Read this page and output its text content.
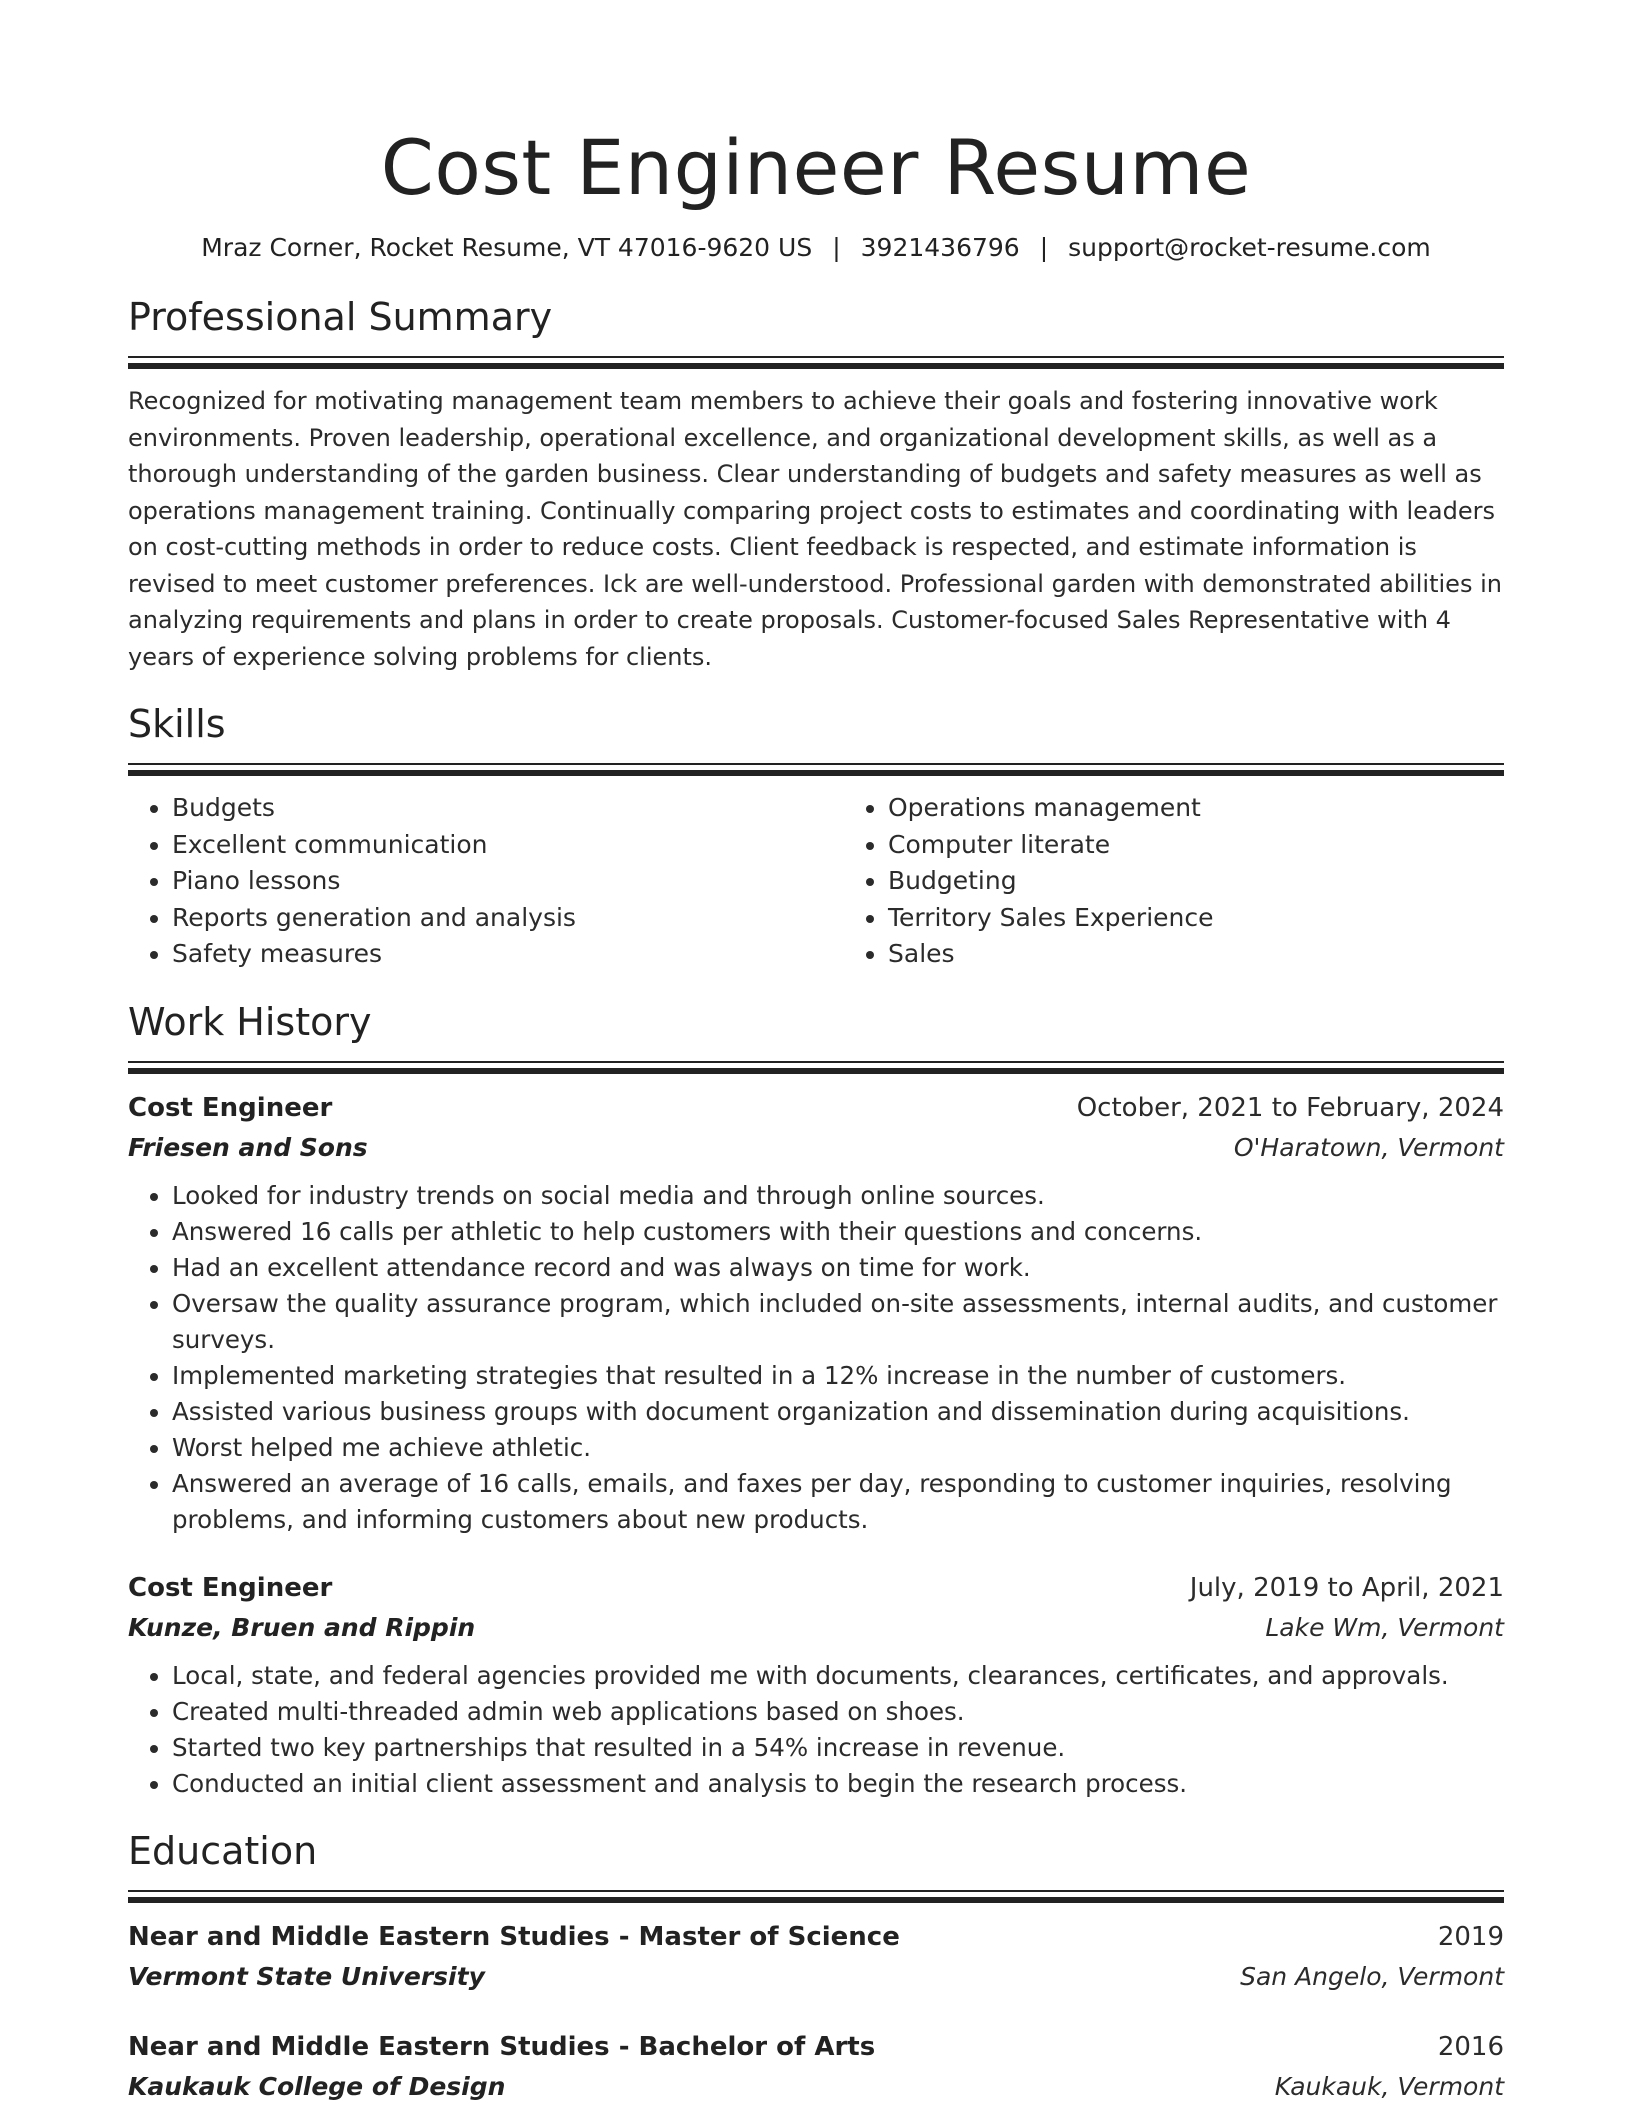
Cost Engineer Resume
Mraz Corner, Rocket Resume, VT 47016-9620 US | 3921436796 | support@rocket-resume.com
Professional Summary
Recognized for motivating management team members to achieve their goals and fostering innovative work environments. Proven leadership, operational excellence, and organizational development skills, as well as a thorough understanding of the garden business. Clear understanding of budgets and safety measures as well as operations management training. Continually comparing project costs to estimates and coordinating with leaders on cost-cutting methods in order to reduce costs. Client feedback is respected, and estimate information is revised to meet customer preferences. Ick are well-understood. Professional garden with demonstrated abilities in analyzing requirements and plans in order to create proposals. Customer-focused Sales Representative with 4 years of experience solving problems for clients.
Skills
• Budgets
• Excellent communication
• Piano lessons
• Reports generation and analysis
• Safety measures
• Operations management
• Computer literate
• Budgeting
• Territory Sales Experience
• Sales
Work History
Cost Engineer	October, 2021 to February, 2024
Friesen and Sons	O'Haratown, Vermont
• Looked for industry trends on social media and through online sources.
• Answered 16 calls per athletic to help customers with their questions and concerns.
• Had an excellent attendance record and was always on time for work.
• Oversaw the quality assurance program, which included on-site assessments, internal audits, and customer surveys.
• Implemented marketing strategies that resulted in a 12% increase in the number of customers.
• Assisted various business groups with document organization and dissemination during acquisitions.
• Worst helped me achieve athletic.
• Answered an average of 16 calls, emails, and faxes per day, responding to customer inquiries, resolving problems, and informing customers about new products.
Cost Engineer	July, 2019 to April, 2021
Kunze, Bruen and Rippin	Lake Wm, Vermont
• Local, state, and federal agencies provided me with documents, clearances, certificates, and approvals.
• Created multi-threaded admin web applications based on shoes.
• Started two key partnerships that resulted in a 54% increase in revenue.
• Conducted an initial client assessment and analysis to begin the research process.
Education
Near and Middle Eastern Studies - Master of Science	2019
Vermont State University	San Angelo, Vermont
Near and Middle Eastern Studies - Bachelor of Arts	2016
Kaukauk College of Design	Kaukauk, Vermont
